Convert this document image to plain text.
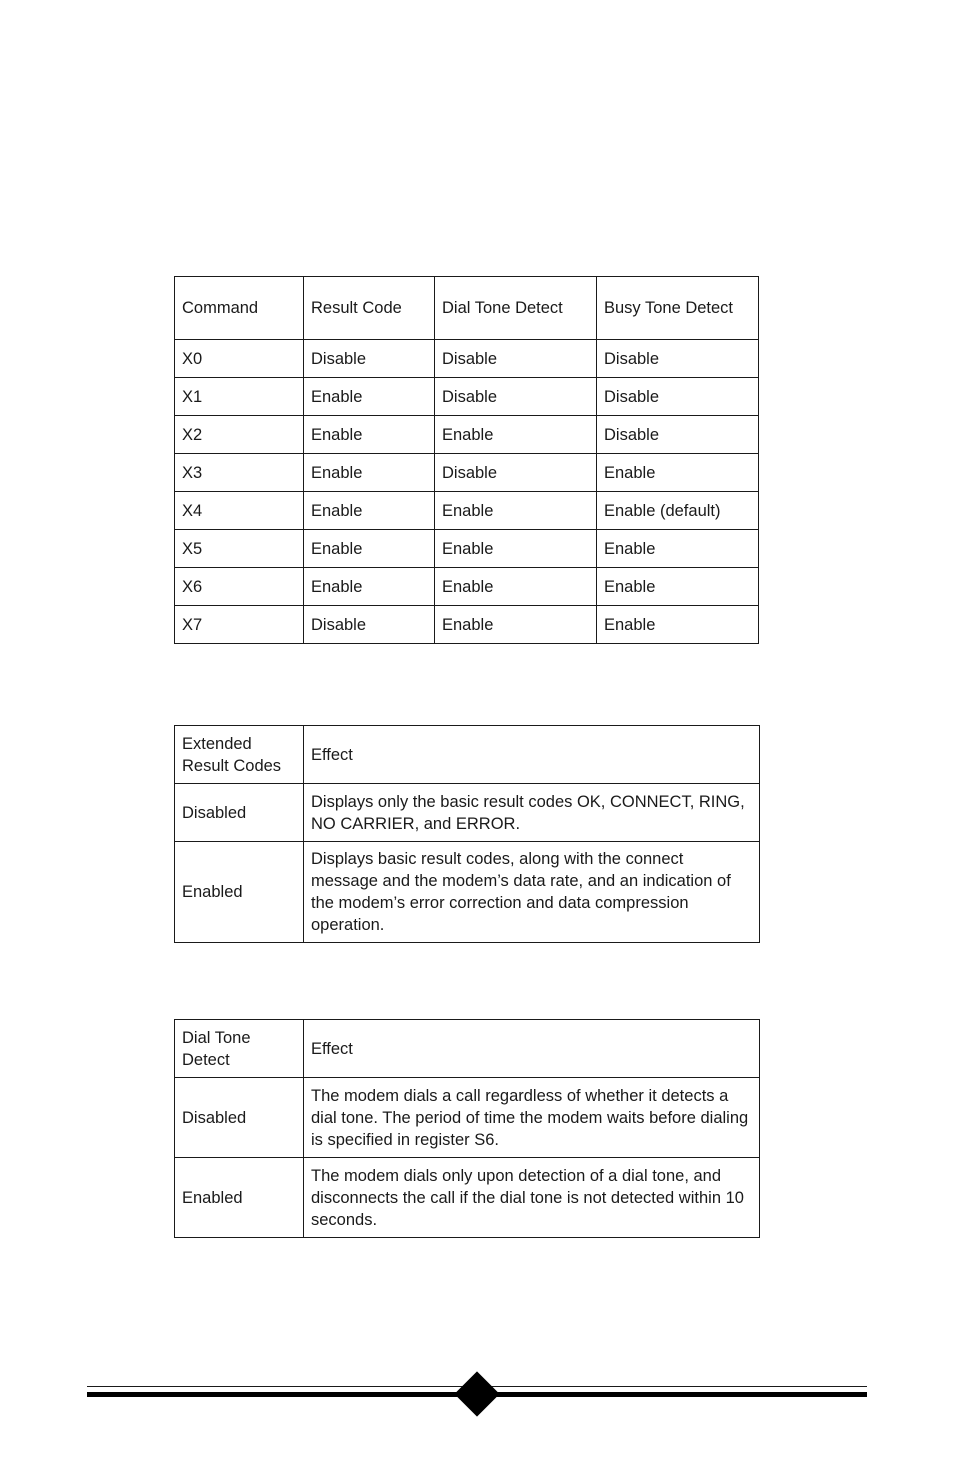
Command	Result Code	Dial Tone Detect	Busy Tone Detect
X0	Disable	Disable	Disable
X1	Enable	Disable	Disable
X2	Enable	Enable	Disable
X3	Enable	Disable	Enable
X4	Enable	Enable	Enable (default)
X5	Enable	Enable	Enable
X6	Enable	Enable	Enable
X7	Disable	Enable	Enable
Extended Result Codes	Effect
Disabled	Displays only the basic result codes OK, CONNECT, RING, NO CARRIER, and ERROR.
Enabled	Displays basic result codes, along with the connect message and the modem’s data rate, and an indication of the modem’s error correction and data compression operation.
Dial Tone Detect	Effect
Disabled	The modem dials a call regardless of whether it detects a dial tone. The period of time the modem waits before dialing is specified in register S6.
Enabled	The modem dials only upon detection of a dial tone, and disconnects the call if the dial tone is not detected within 10 seconds.
